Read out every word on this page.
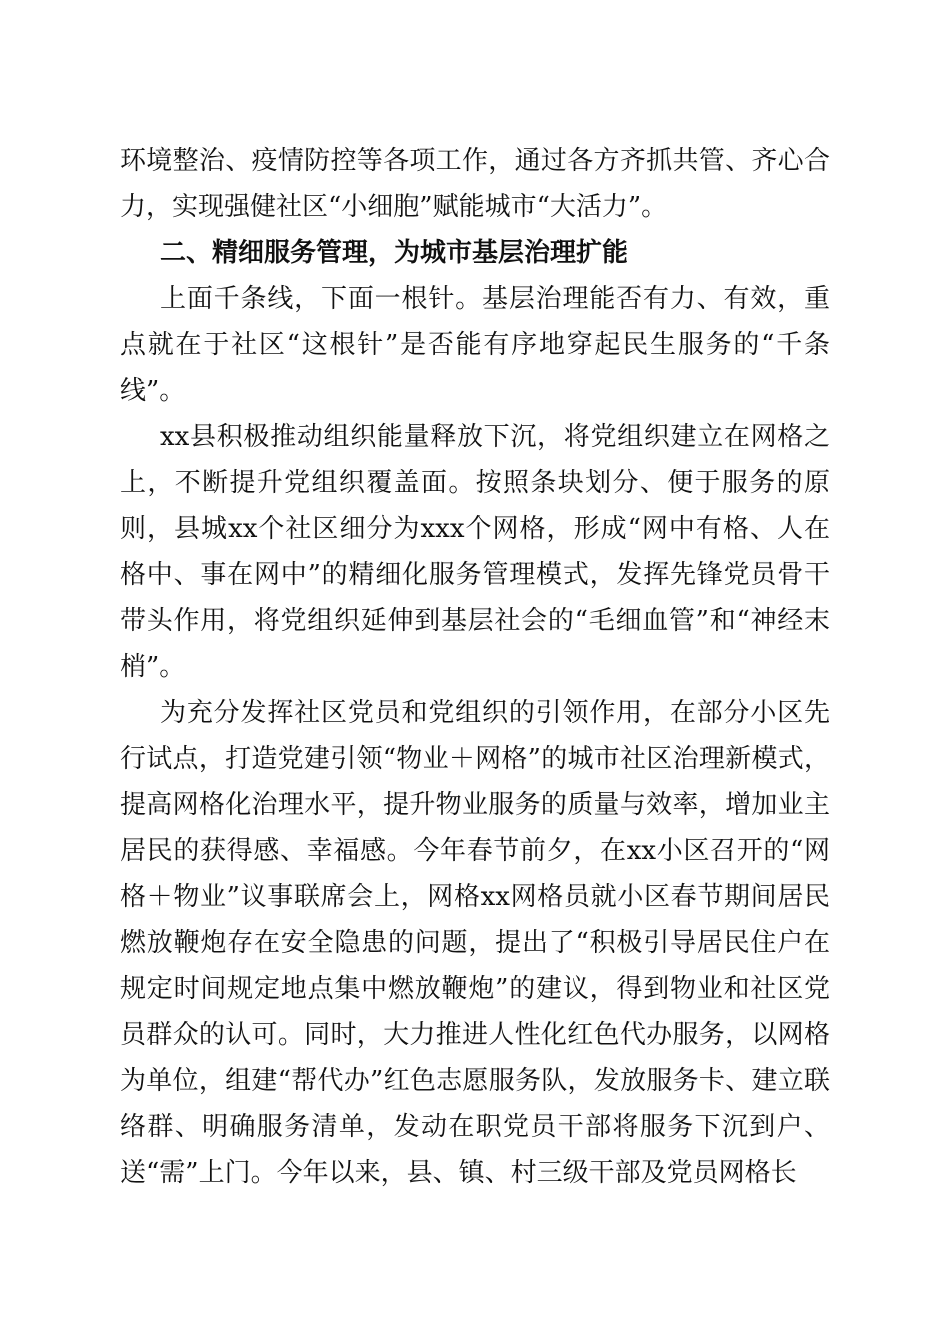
环境整治、疫情防控等各项工作，通过各方齐抓共管、齐心合力，实现强健社区“小细胞”赋能城市“大活力”。

二、精细服务管理，为城市基层治理扩能

上面千条线，下面一根针。基层治理能否有力、有效，重点就在于社区“这根针”是否能有序地穿起民生服务的“千条线”。

xx县积极推动组织能量释放下沉，将党组织建立在网格之上，不断提升党组织覆盖面。按照条块划分、便于服务的原则，县城xx个社区细分为xxx个网格，形成“网中有格、人在格中、事在网中”的精细化服务管理模式，发挥先锋党员骨干带头作用，将党组织延伸到基层社会的“毛细血管”和“神经末梢”。

为充分发挥社区党员和党组织的引领作用，在部分小区先行试点，打造党建引领“物业＋网格”的城市社区治理新模式，提高网格化治理水平，提升物业服务的质量与效率，增加业主居民的获得感、幸福感。今年春节前夕，在xx小区召开的“网格＋物业”议事联席会上，网格xx网格员就小区春节期间居民燃放鞭炮存在安全隐患的问题，提出了“积极引导居民住户在规定时间规定地点集中燃放鞭炮”的建议，得到物业和社区党员群众的认可。同时，大力推进人性化红色代办服务，以网格为单位，组建“帮代办”红色志愿服务队，发放服务卡、建立联络群、明确服务清单，发动在职党员干部将服务下沉到户、送“需”上门。今年以来，县、镇、村三级干部及党员网格长
